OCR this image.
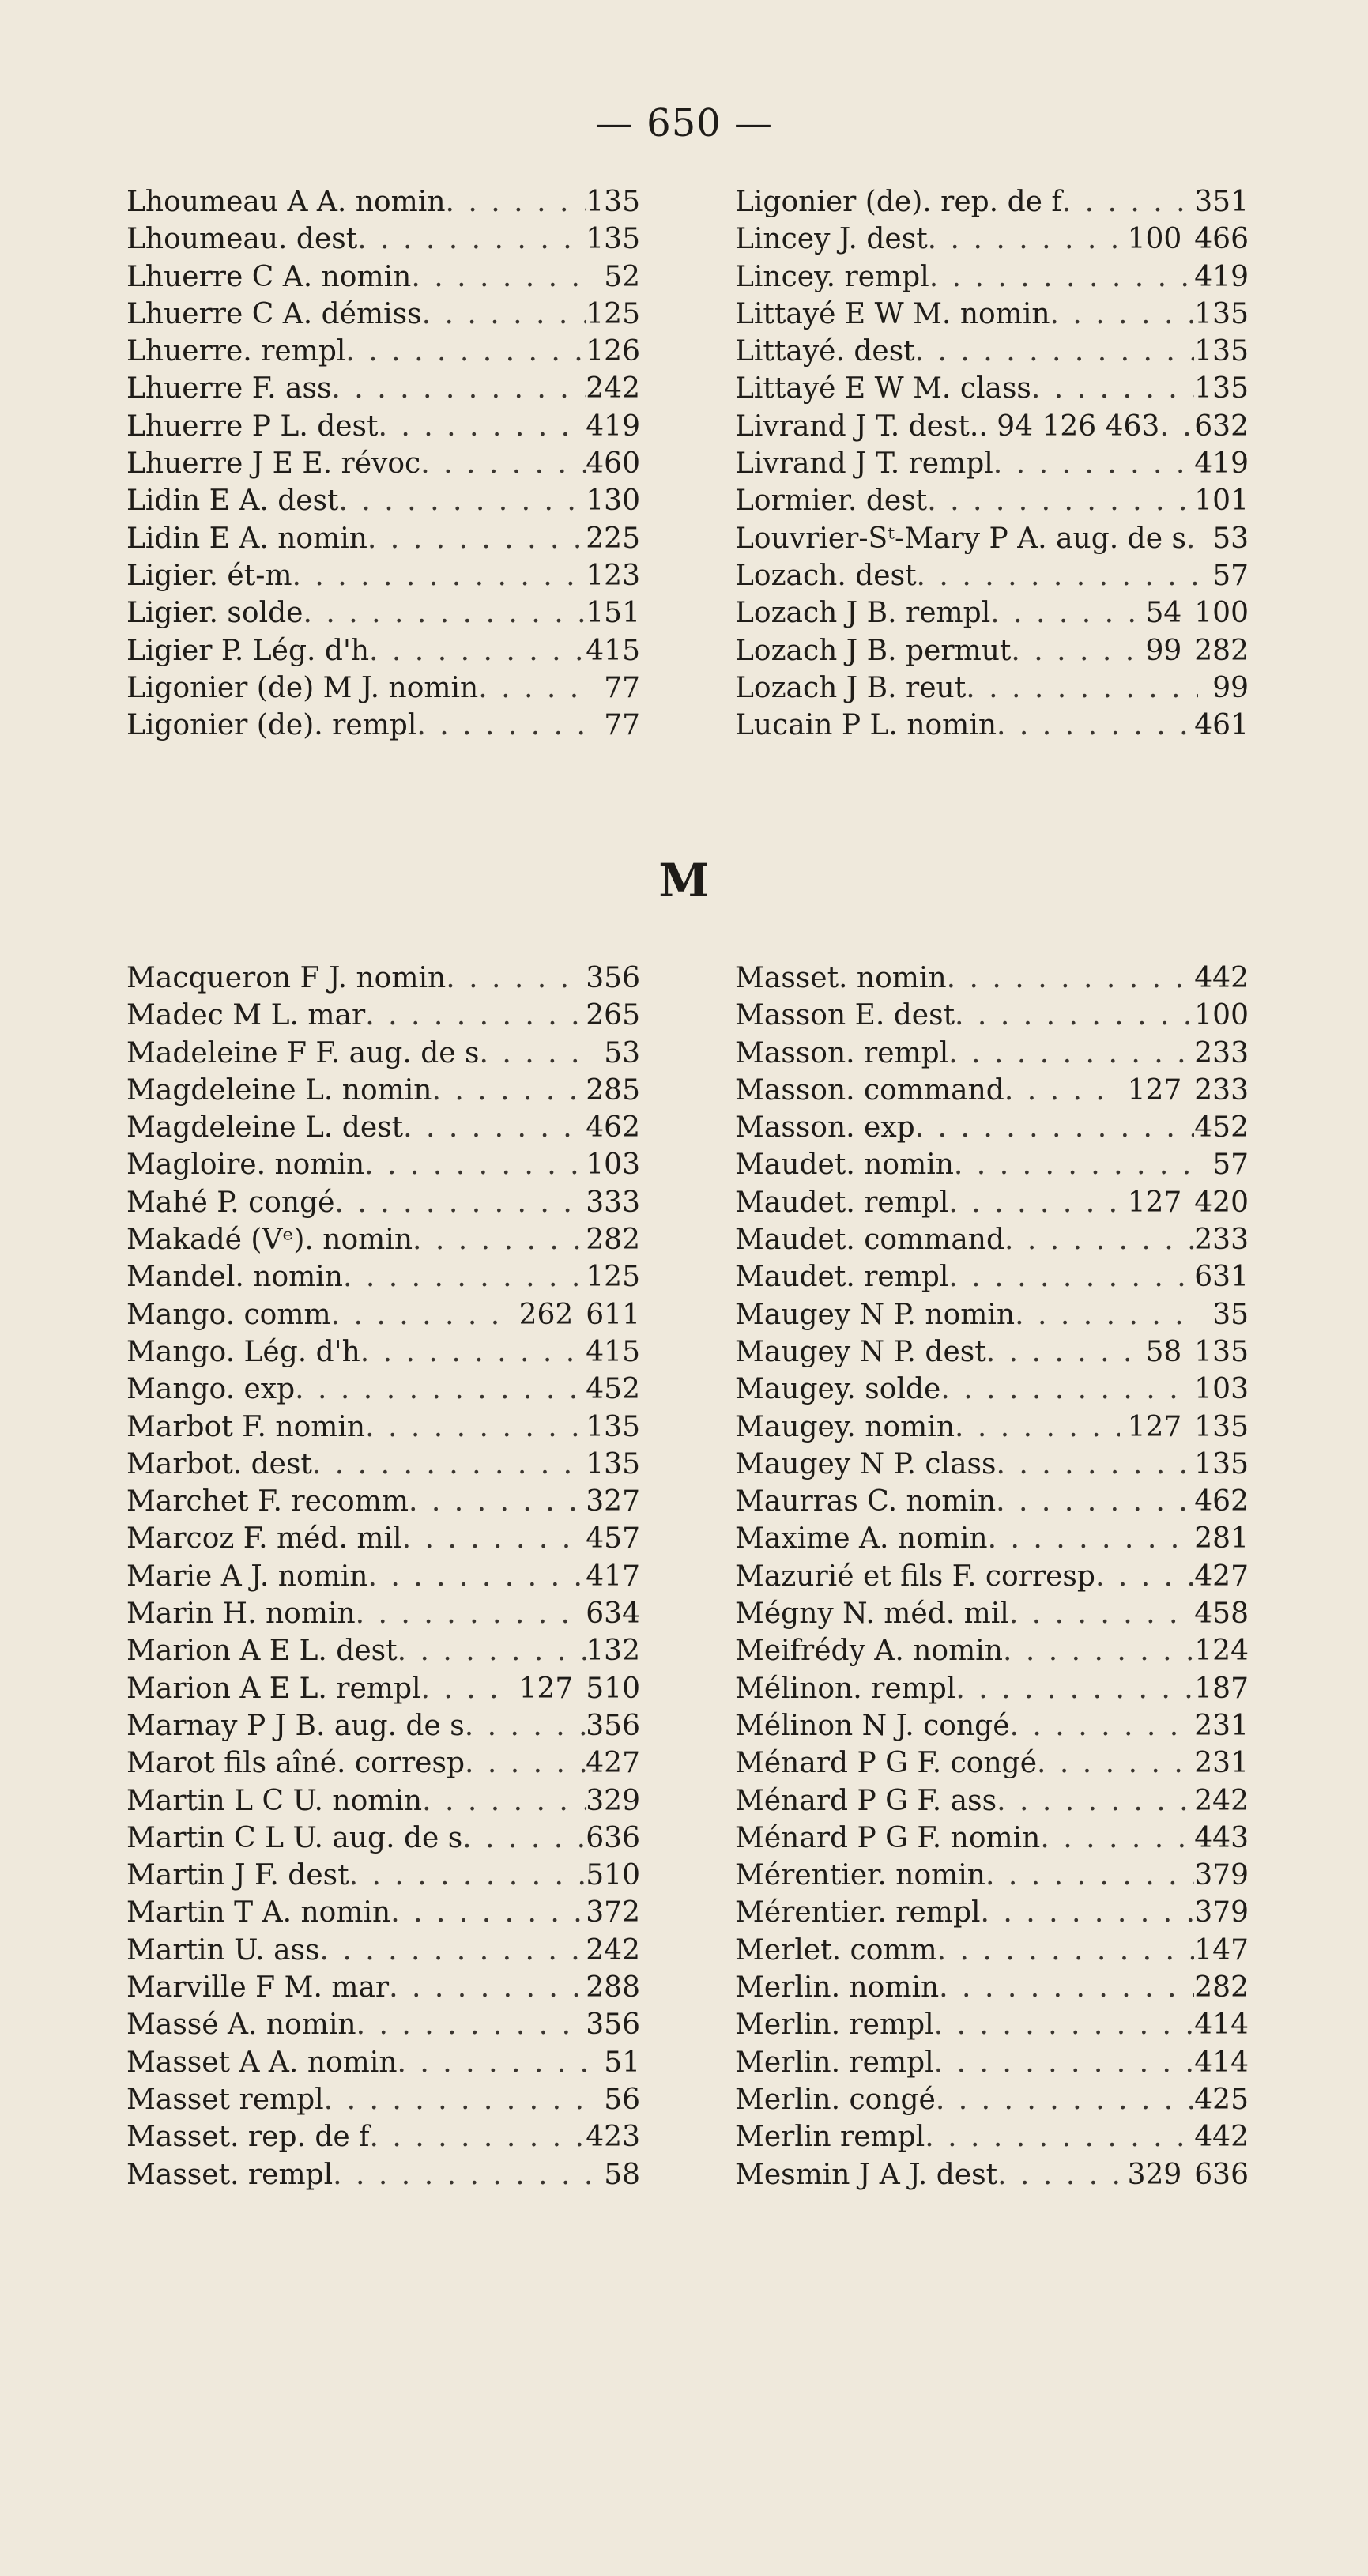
— 650 —
Lhoumeau A A. nomin . . .	135
Lhoumeau. dest . . .	135
Lhuerre C A. nomin . . .	52
Lhuerre C A. démiss . . .	125
Lhuerre. rempl . . .	126
Lhuerre F. ass . . .	242
Lhuerre P L. dest . . .	419
Lhuerre J E E. révoc . . .	460
Lidin E A. dest . . .	130
Lidin E A. nomin . . .	225
Ligier. ét-m . . .	123
Ligier. solde . . .	151
Ligier P. Lég. d'h . . .	415
Ligonier (de) M J. nomin . . .	77
Ligonier (de). rempl . . .	77
Ligonier (de). rep. de f . . .	351
Lincey J. dest . . .	100 466
Lincey. rempl . . .	419
Littayé E W M. nomin . . .	135
Littayé. dest . . .	135
Littayé E W M. class . . .	135
Livrand J T. dest.. 94 126 463 . . . 632
Livrand J T. rempl . . .	419
Lormier. dest . . .	101
Louvrier-Sᵗ-Mary P A. aug. de s . . . 53
Lozach. dest . . .	57
Lozach J B. rempl . . .	54 100
Lozach J B. permut . . .	99 282
Lozach J B. reut . . .	99
Lucain P L. nomin . . .	461
M
Macqueron F J. nomin . . .	356
Madec M L. mar . . .	265
Madeleine F F. aug. de s . . .	53
Magdeleine L. nomin . . .	285
Magdeleine L. dest . . .	462
Magloire. nomin . . .	103
Mahé P. congé . . .	333
Makadé (Vᵉ). nomin . . .	282
Mandel. nomin . . .	125
Mango. comm . . .	262 611
Mango. Lég. d'h . . .	415
Mango. exp . . .	452
Marbot F. nomin . . .	135
Marbot. dest . . .	135
Marchet F. recomm . . .	327
Marcoz F. méd. mil . . .	457
Marie A J. nomin . . .	417
Marin H. nomin . . .	634
Marion A E L. dest . . .	132
Marion A E L. rempl . . .	127 510
Marnay P J B. aug. de s . . .	356
Marot fils aîné. corresp . . .	427
Martin L C U. nomin . . .	329
Martin C L U. aug. de s . . .	636
Martin J F. dest . . .	510
Martin T A. nomin . . .	372
Martin U. ass . . .	242
Marville F M. mar . . .	288
Massé A. nomin . . .	356
Masset A A. nomin . . .	51
Masset rempl . . .	56
Masset. rep. de f . . .	423
Masset. rempl . . .	58
Masset. nomin . . .	442
Masson E. dest . . .	100
Masson. rempl . . .	233
Masson. command . . .	127 233
Masson. exp . . .	452
Maudet. nomin . . .	57
Maudet. rempl . . .	127 420
Maudet. command . . .	233
Maudet. rempl . . .	631
Maugey N P. nomin . . .	35
Maugey N P. dest . . .	58 135
Maugey. solde . . .	103
Maugey. nomin . . .	127 135
Maugey N P. class . . .	135
Maurras C. nomin . . .	462
Maxime A. nomin . . .	281
Mazurié et fils F. corresp . . .	427
Mégny N. méd. mil . . .	458
Meifrédy A. nomin . . .	124
Mélinon. rempl . . .	187
Mélinon N J. congé . . .	231
Ménard P G F. congé . . .	231
Ménard P G F. ass . . .	242
Ménard P G F. nomin . . .	443
Mérentier. nomin . . .	379
Mérentier. rempl . . .	379
Merlet. comm . . .	147
Merlin. nomin . . .	282
Merlin. rempl . . .	414
Merlin. rempl . . .	414
Merlin. congé . . .	425
Merlin rempl . . .	442
Mesmin J A J. dest . . .	329 636
